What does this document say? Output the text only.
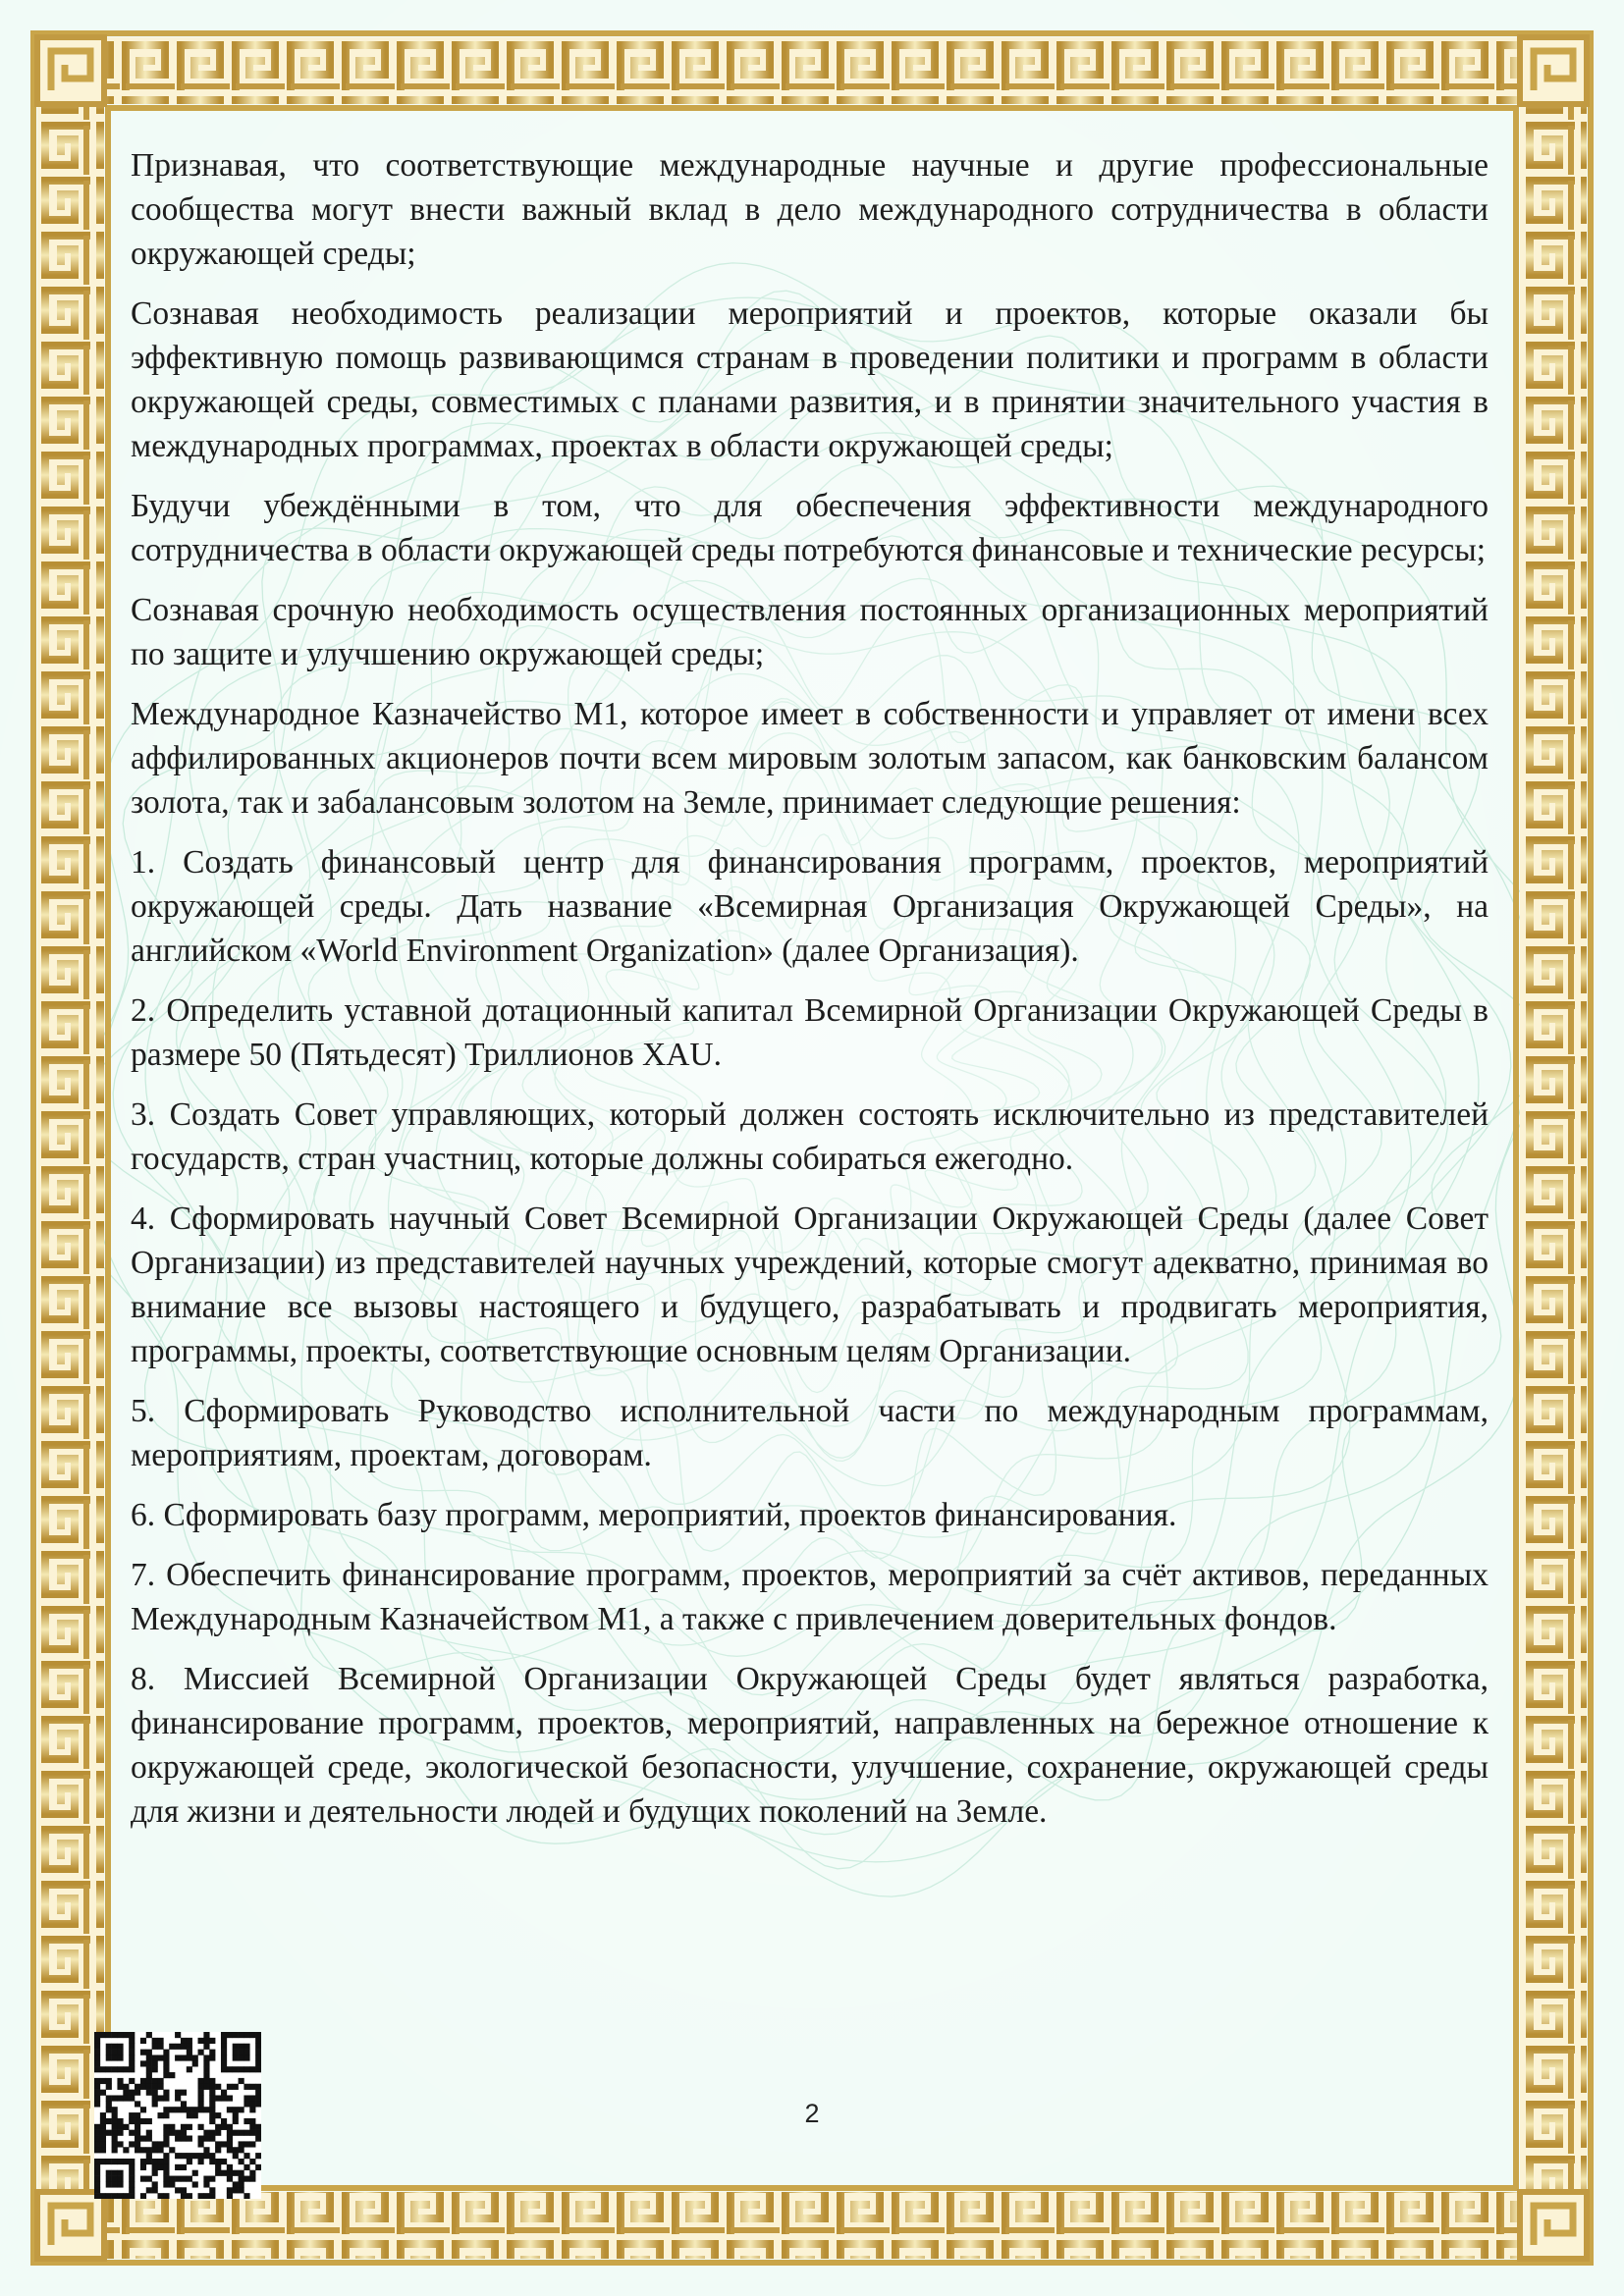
Признавая, что соответствующие международные научные и другие профессиональные сообщества могут внести важный вклад в дело международного сотрудничества в области окружающей среды;

Сознавая необходимость реализации мероприятий и проектов, которые оказали бы эффективную помощь развивающимся странам в проведении политики и программ в области окружающей среды, совместимых с планами развития, и в принятии значительного участия в международных программах, проектах в области окружающей среды;

Будучи убеждёнными в том, что для обеспечения эффективности международного сотрудничества в области окружающей среды потребуются финансовые и технические ресурсы;

Сознавая срочную необходимость осуществления постоянных организационных мероприятий по защите и улучшению окружающей среды;

Международное Казначейство М1, которое имеет в собственности и управляет от имени всех аффилированных акционеров почти всем мировым золотым запасом, как банковским балансом золота, так и забалансовым золотом на Земле, принимает следующие решения:

1. Создать финансовый центр для финансирования программ, проектов, мероприятий окружающей среды. Дать название «Всемирная Организация Окружающей Среды», на английском «World Environment Organization» (далее Организация).

2. Определить уставной дотационный капитал Всемирной Организации Окружающей Среды в размере 50 (Пятьдесят) Триллионов XAU.

3. Создать Совет управляющих, который должен состоять исключительно из представителей государств, стран участниц, которые должны собираться ежегодно.

4. Сформировать научный Совет Всемирной Организации Окружающей Среды (далее Совет Организации) из представителей научных учреждений, которые смогут адекватно, принимая во внимание все вызовы настоящего и будущего, разрабатывать и продвигать мероприятия, программы, проекты, соответствующие основным целям Организации.

5. Сформировать Руководство исполнительной части по международным программам, мероприятиям, проектам, договорам.

6. Сформировать базу программ, мероприятий, проектов финансирования.

7. Обеспечить финансирование программ, проектов, мероприятий за счёт активов, переданных Международным Казначейством М1, а также с привлечением доверительных фондов.

8. Миссией Всемирной Организации Окружающей Среды будет являться разработка, финансирование программ, проектов, мероприятий, направленных на бережное отношение к окружающей среде, экологической безопасности, улучшение, сохранение, окружающей среды для жизни и деятельности людей и будущих поколений на Земле.

2
